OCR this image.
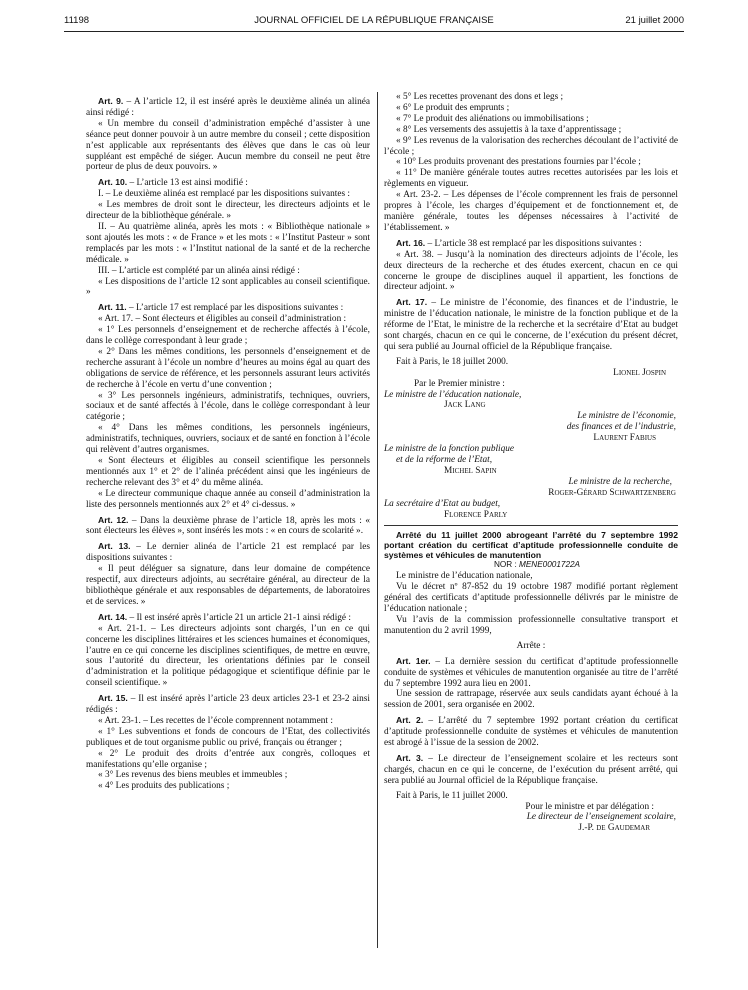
11198	JOURNAL OFFICIEL DE LA RÉPUBLIQUE FRANÇAISE	21 juillet 2000

Art. 9. – A l’article 12, il est inséré après le deuxième alinéa un alinéa ainsi rédigé :

« Un membre du conseil d’administration empêché d’assister à une séance peut donner pouvoir à un autre membre du conseil ; cette disposition n’est applicable aux représentants des élèves que dans le cas où leur suppléant est empêché de siéger. Aucun membre du conseil ne peut être porteur de plus de deux pouvoirs. »

Art. 10. – L’article 13 est ainsi modifié :

I. – Le deuxième alinéa est remplacé par les dispositions suivantes :

« Les membres de droit sont le directeur, les directeurs adjoints et le directeur de la bibliothèque générale. »

II. – Au quatrième alinéa, après les mots : « Bibliothèque nationale » sont ajoutés les mots : « de France » et les mots : « l’Institut Pasteur » sont remplacés par les mots : « l’Institut national de la santé et de la recherche médicale. »

III. – L’article est complété par un alinéa ainsi rédigé :

« Les dispositions de l’article 12 sont applicables au conseil scientifique. »

Art. 11. – L’article 17 est remplacé par les dispositions suivantes :

« Art. 17. – Sont électeurs et éligibles au conseil d’administration :

« 1° Les personnels d’enseignement et de recherche affectés à l’école, dans le collège correspondant à leur grade ;

« 2° Dans les mêmes conditions, les personnels d’enseignement et de recherche assurant à l’école un nombre d’heures au moins égal au quart des obligations de service de référence, et les personnels assurant leurs activités de recherche à l’école en vertu d’une convention ;

« 3° Les personnels ingénieurs, administratifs, techniques, ouvriers, sociaux et de santé affectés à l’école, dans le collège correspondant à leur catégorie ;

« 4° Dans les mêmes conditions, les personnels ingénieurs, administratifs, techniques, ouvriers, sociaux et de santé en fonction à l’école qui relèvent d’autres organismes.

« Sont électeurs et éligibles au conseil scientifique les personnels mentionnés aux 1° et 2° de l’alinéa précédent ainsi que les ingénieurs de recherche relevant des 3° et 4° du même alinéa.

« Le directeur communique chaque année au conseil d’administration la liste des personnels mentionnés aux 2° et 4° ci-dessus. »

Art. 12. – Dans la deuxième phrase de l’article 18, après les mots : « sont électeurs les élèves », sont insérés les mots : « en cours de scolarité ».

Art. 13. – Le dernier alinéa de l’article 21 est remplacé par les dispositions suivantes :

« Il peut déléguer sa signature, dans leur domaine de compétence respectif, aux directeurs adjoints, au secrétaire général, au directeur de la bibliothèque générale et aux responsables de départements, de laboratoires et de services. »

Art. 14. – Il est inséré après l’article 21 un article 21-1 ainsi rédigé :

« Art. 21-1. – Les directeurs adjoints sont chargés, l’un en ce qui concerne les disciplines littéraires et les sciences humaines et économiques, l’autre en ce qui concerne les disciplines scientifiques, de mettre en œuvre, sous l’autorité du directeur, les orientations définies par le conseil d’administration et la politique pédagogique et scientifique définie par le conseil scientifique. »

Art. 15. – Il est inséré après l’article 23 deux articles 23-1 et 23-2 ainsi rédigés :

« Art. 23-1. – Les recettes de l’école comprennent notamment :

« 1° Les subventions et fonds de concours de l’Etat, des collectivités publiques et de tout organisme public ou privé, français ou étranger ;

« 2° Le produit des droits d’entrée aux congrès, colloques et manifestations qu’elle organise ;

« 3° Les revenus des biens meubles et immeubles ;

« 4° Les produits des publications ;

« 5° Les recettes provenant des dons et legs ;

« 6° Le produit des emprunts ;

« 7° Le produit des aliénations ou immobilisations ;

« 8° Les versements des assujettis à la taxe d’apprentissage ;

« 9° Les revenus de la valorisation des recherches découlant de l’activité de l’école ;

« 10° Les produits provenant des prestations fournies par l’école ;

« 11° De manière générale toutes autres recettes autorisées par les lois et règlements en vigueur.

« Art. 23-2. – Les dépenses de l’école comprennent les frais de personnel propres à l’école, les charges d’équipement et de fonctionnement et, de manière générale, toutes les dépenses nécessaires à l’activité de l’établissement. »

Art. 16. – L’article 38 est remplacé par les dispositions suivantes :

« Art. 38. – Jusqu’à la nomination des directeurs adjoints de l’école, les deux directeurs de la recherche et des études exercent, chacun en ce qui concerne le groupe de disciplines auquel il appartient, les fonctions de directeur adjoint. »

Art. 17. – Le ministre de l’économie, des finances et de l’industrie, le ministre de l’éducation nationale, le ministre de la fonction publique et de la réforme de l’Etat, le ministre de la recherche et la secrétaire d’Etat au budget sont chargés, chacun en ce qui le concerne, de l’exécution du présent décret, qui sera publié au Journal officiel de la République française.

Fait à Paris, le 18 juillet 2000.

Lionel Jospin
Par le Premier ministre :
Le ministre de l’éducation nationale,
Jack Lang
Le ministre de l’économie,
des finances et de l’industrie,
Laurent Fabius
Le ministre de la fonction publique
et de la réforme de l’Etat,
Michel Sapin
Le ministre de la recherche,
Roger-Gérard Schwartzenberg
La secrétaire d’Etat au budget,
Florence Parly

Arrêté du 11 juillet 2000 abrogeant l’arrêté du 7 septembre 1992 portant création du certificat d’aptitude professionnelle conduite de systèmes et véhicules de manutention

NOR : MENE0001722A

Le ministre de l’éducation nationale,

Vu le décret nº 87-852 du 19 octobre 1987 modifié portant règlement général des certificats d’aptitude professionnelle délivrés par le ministre de l’éducation nationale ;

Vu l’avis de la commission professionnelle consultative transport et manutention du 2 avril 1999,

Arrête :

Art. 1er. – La dernière session du certificat d’aptitude professionnelle conduite de systèmes et véhicules de manutention organisée au titre de l’arrêté du 7 septembre 1992 aura lieu en 2001.

Une session de rattrapage, réservée aux seuls candidats ayant échoué à la session de 2001, sera organisée en 2002.

Art. 2. – L’arrêté du 7 septembre 1992 portant création du certificat d’aptitude professionnelle conduite de systèmes et véhicules de manutention est abrogé à l’issue de la session de 2002.

Art. 3. – Le directeur de l’enseignement scolaire et les recteurs sont chargés, chacun en ce qui le concerne, de l’exécution du présent arrêté, qui sera publié au Journal officiel de la République française.

Fait à Paris, le 11 juillet 2000.

Pour le ministre et par délégation :
Le directeur de l’enseignement scolaire,
J.-P. de Gaudemar
